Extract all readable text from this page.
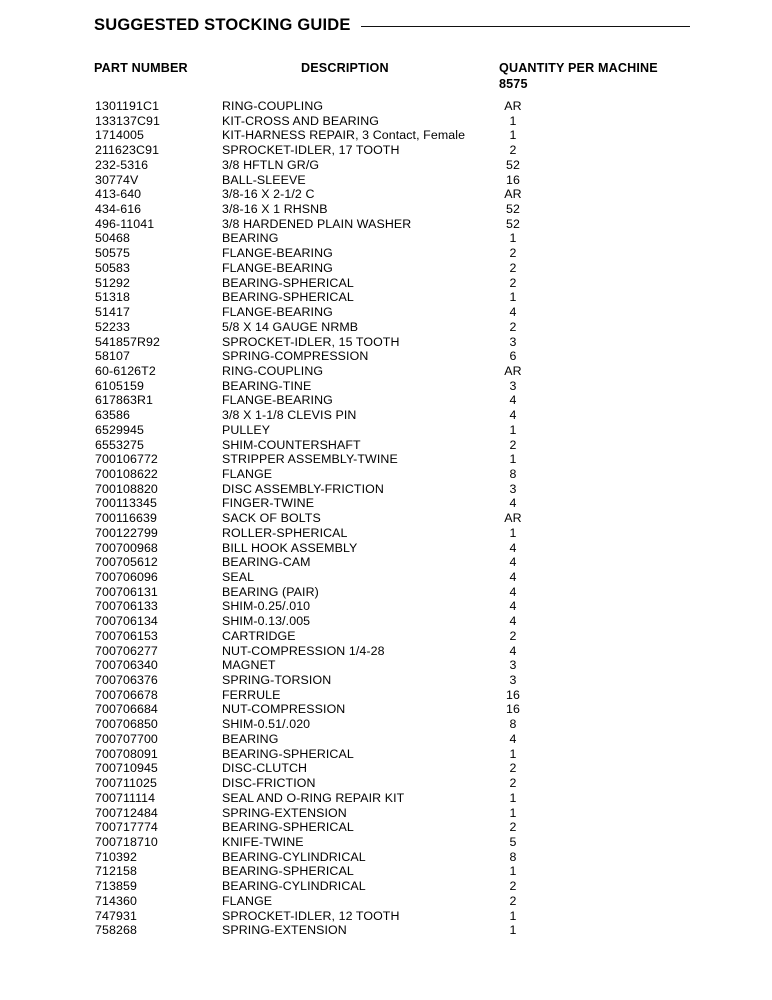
SUGGESTED STOCKING GUIDE
PART NUMBER	DESCRIPTION	QUANTITY PER MACHINE
8575
1301191C1	RING-COUPLING	AR
133137C91	KIT-CROSS AND BEARING	1
1714005	KIT-HARNESS REPAIR, 3 Contact, Female	1
211623C91	SPROCKET-IDLER, 17 TOOTH	2
232-5316	3/8 HFTLN GR/G	52
30774V	BALL-SLEEVE	16
413-640	3/8-16 X 2-1/2 C	AR
434-616	3/8-16 X 1 RHSNB	52
496-11041	3/8 HARDENED PLAIN WASHER	52
50468	BEARING	1
50575	FLANGE-BEARING	2
50583	FLANGE-BEARING	2
51292	BEARING-SPHERICAL	2
51318	BEARING-SPHERICAL	1
51417	FLANGE-BEARING	4
52233	5/8 X 14 GAUGE NRMB	2
541857R92	SPROCKET-IDLER, 15 TOOTH	3
58107	SPRING-COMPRESSION	6
60-6126T2	RING-COUPLING	AR
6105159	BEARING-TINE	3
617863R1	FLANGE-BEARING	4
63586	3/8 X 1-1/8 CLEVIS PIN	4
6529945	PULLEY	1
6553275	SHIM-COUNTERSHAFT	2
700106772	STRIPPER ASSEMBLY-TWINE	1
700108622	FLANGE	8
700108820	DISC ASSEMBLY-FRICTION	3
700113345	FINGER-TWINE	4
700116639	SACK OF BOLTS	AR
700122799	ROLLER-SPHERICAL	1
700700968	BILL HOOK ASSEMBLY	4
700705612	BEARING-CAM	4
700706096	SEAL	4
700706131	BEARING (PAIR)	4
700706133	SHIM-0.25/.010	4
700706134	SHIM-0.13/.005	4
700706153	CARTRIDGE	2
700706277	NUT-COMPRESSION 1/4-28	4
700706340	MAGNET	3
700706376	SPRING-TORSION	3
700706678	FERRULE	16
700706684	NUT-COMPRESSION	16
700706850	SHIM-0.51/.020	8
700707700	BEARING	4
700708091	BEARING-SPHERICAL	1
700710945	DISC-CLUTCH	2
700711025	DISC-FRICTION	2
700711114	SEAL AND O-RING REPAIR KIT	1
700712484	SPRING-EXTENSION	1
700717774	BEARING-SPHERICAL	2
700718710	KNIFE-TWINE	5
710392	BEARING-CYLINDRICAL	8
712158	BEARING-SPHERICAL	1
713859	BEARING-CYLINDRICAL	2
714360	FLANGE	2
747931	SPROCKET-IDLER, 12 TOOTH	1
758268	SPRING-EXTENSION	1
